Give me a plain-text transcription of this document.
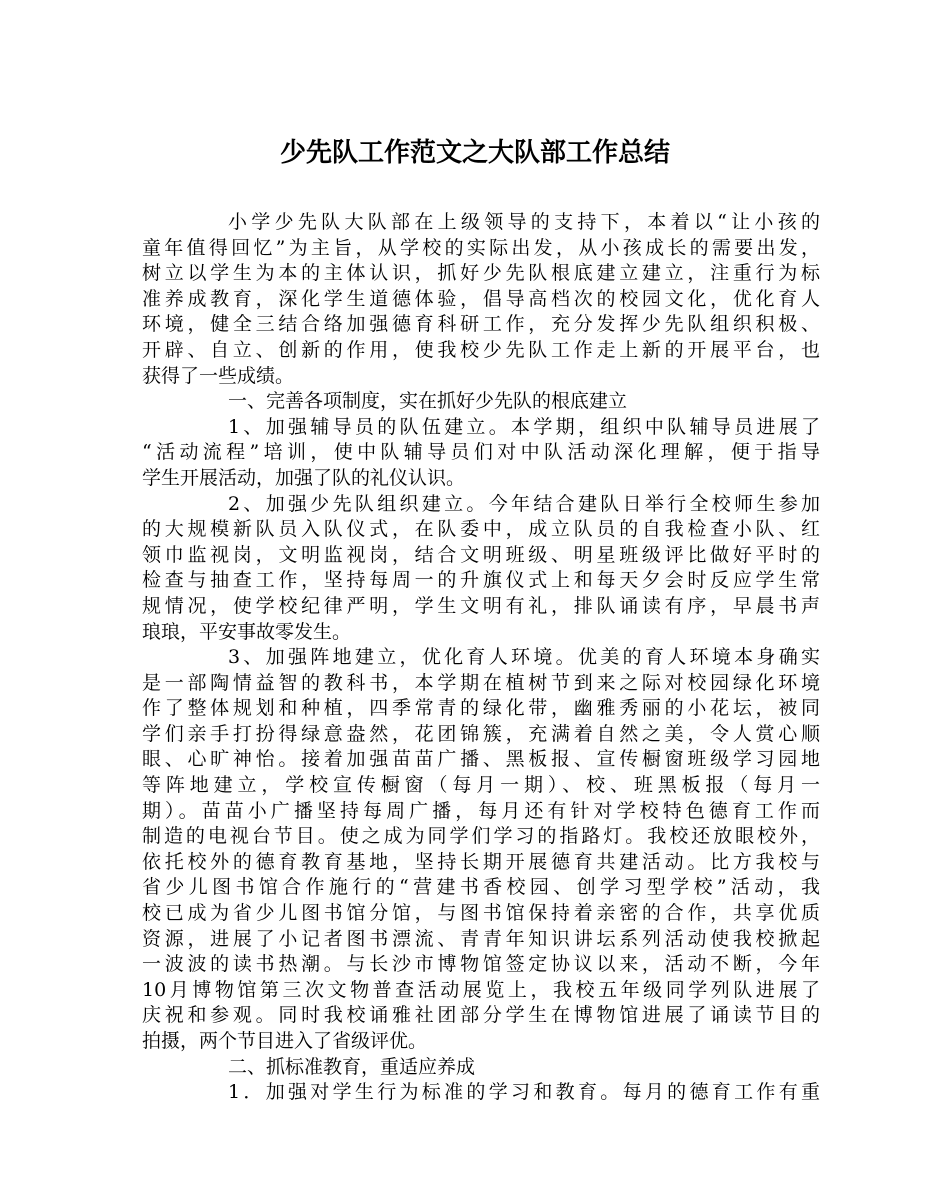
少先队工作范文之大队部工作总结
小学少先队大队部在上级领导的支持下，本着以“让小孩的
童年值得回忆”为主旨，从学校的实际出发，从小孩成长的需要出发，
树立以学生为本的主体认识，抓好少先队根底建立建立，注重行为标
准养成教育，深化学生道德体验，倡导高档次的校园文化，优化育人
环境，健全三结合络加强德育科研工作，充分发挥少先队组织积极、
开辟、自立、创新的作用，使我校少先队工作走上新的开展平台，也
获得了一些成绩。
一、完善各项制度，实在抓好少先队的根底建立
1、加强辅导员的队伍建立。本学期，组织中队辅导员进展了
“活动流程”培训，使中队辅导员们对中队活动深化理解，便于指导
学生开展活动，加强了队的礼仪认识。
2、加强少先队组织建立。今年结合建队日举行全校师生参加
的大规模新队员入队仪式，在队委中，成立队员的自我检查小队、红
领巾监视岗，文明监视岗，结合文明班级、明星班级评比做好平时的
检查与抽查工作，坚持每周一的升旗仪式上和每天夕会时反应学生常
规情况，使学校纪律严明，学生文明有礼，排队诵读有序，早晨书声
琅琅，平安事故零发生。
3、加强阵地建立，优化育人环境。优美的育人环境本身确实
是一部陶情益智的教科书，本学期在植树节到来之际对校园绿化环境
作了整体规划和种植，四季常青的绿化带，幽雅秀丽的小花坛，被同
学们亲手打扮得绿意盎然，花团锦簇，充满着自然之美，令人赏心顺
眼、心旷神怡。接着加强苗苗广播、黑板报、宣传橱窗班级学习园地
等阵地建立，学校宣传橱窗（每月一期）、校、班黑板报（每月一
期）。苗苗小广播坚持每周广播，每月还有针对学校特色德育工作而
制造的电视台节目。使之成为同学们学习的指路灯。我校还放眼校外，
依托校外的德育教育基地，坚持长期开展德育共建活动。比方我校与
省少儿图书馆合作施行的“营建书香校园、创学习型学校”活动，我
校已成为省少儿图书馆分馆，与图书馆保持着亲密的合作，共享优质
资源，进展了小记者图书漂流、青青年知识讲坛系列活动使我校掀起
一波波的读书热潮。与长沙市博物馆签定协议以来，活动不断，今年
10月博物馆第三次文物普查活动展览上，我校五年级同学列队进展了
庆祝和参观。同时我校诵雅社团部分学生在博物馆进展了诵读节目的
拍摄，两个节目进入了省级评优。
二、抓标准教育，重适应养成
1．加强对学生行为标准的学习和教育。每月的德育工作有重
